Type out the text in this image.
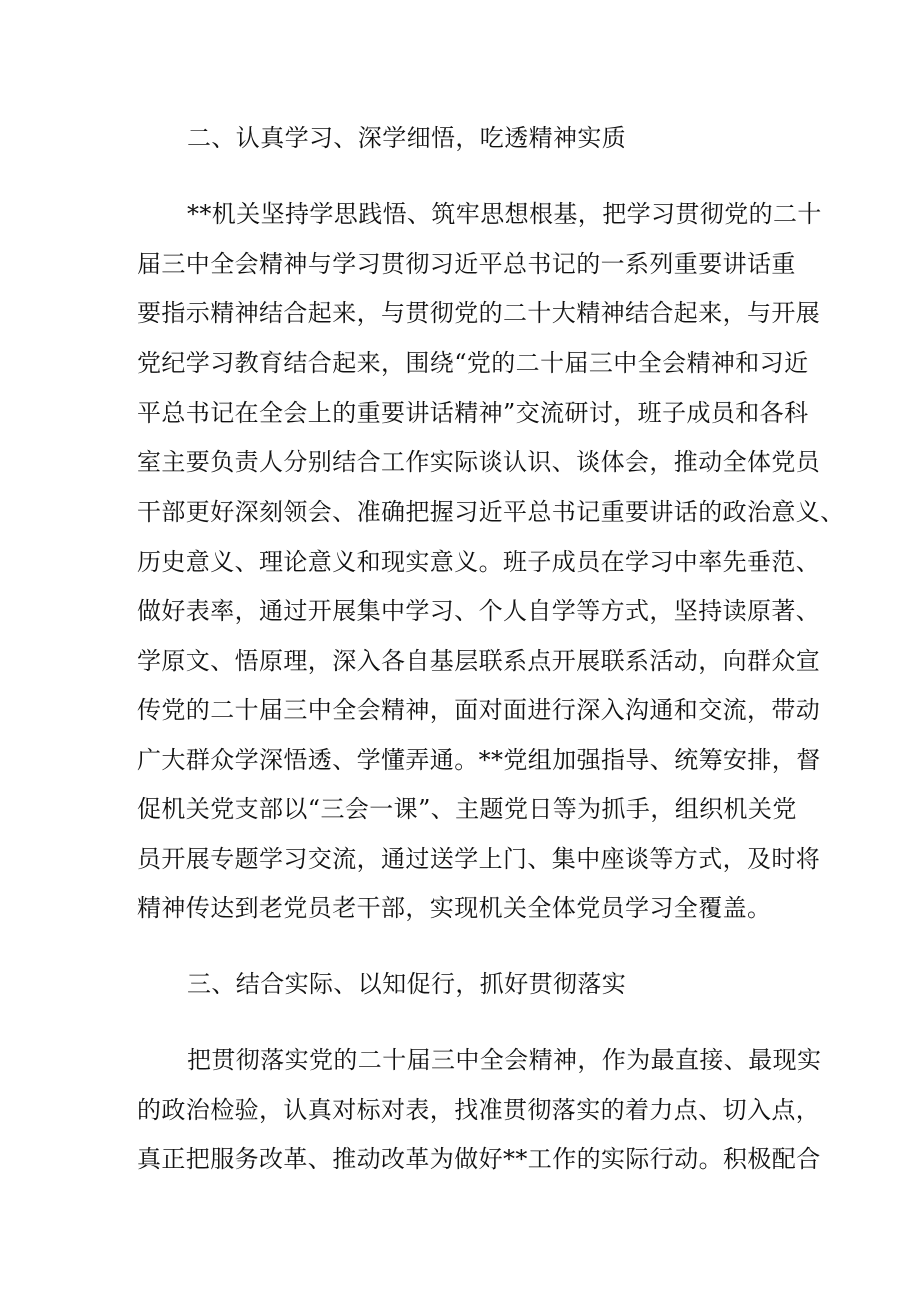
二、认真学习、深学细悟，吃透精神实质
**机关坚持学思践悟、筑牢思想根基，把学习贯彻党的二十
届三中全会精神与学习贯彻习近平总书记的一系列重要讲话重
要指示精神结合起来，与贯彻党的二十大精神结合起来，与开展
党纪学习教育结合起来，围绕“党的二十届三中全会精神和习近
平总书记在全会上的重要讲话精神”交流研讨，班子成员和各科
室主要负责人分别结合工作实际谈认识、谈体会，推动全体党员
干部更好深刻领会、准确把握习近平总书记重要讲话的政治意义、
历史意义、理论意义和现实意义。班子成员在学习中率先垂范、
做好表率，通过开展集中学习、个人自学等方式，坚持读原著、
学原文、悟原理，深入各自基层联系点开展联系活动，向群众宣
传党的二十届三中全会精神，面对面进行深入沟通和交流，带动
广大群众学深悟透、学懂弄通。**党组加强指导、统筹安排，督
促机关党支部以“三会一课”、主题党日等为抓手，组织机关党
员开展专题学习交流，通过送学上门、集中座谈等方式，及时将
精神传达到老党员老干部，实现机关全体党员学习全覆盖。
三、结合实际、以知促行，抓好贯彻落实
把贯彻落实党的二十届三中全会精神，作为最直接、最现实
的政治检验，认真对标对表，找准贯彻落实的着力点、切入点，
真正把服务改革、推动改革为做好**工作的实际行动。积极配合
